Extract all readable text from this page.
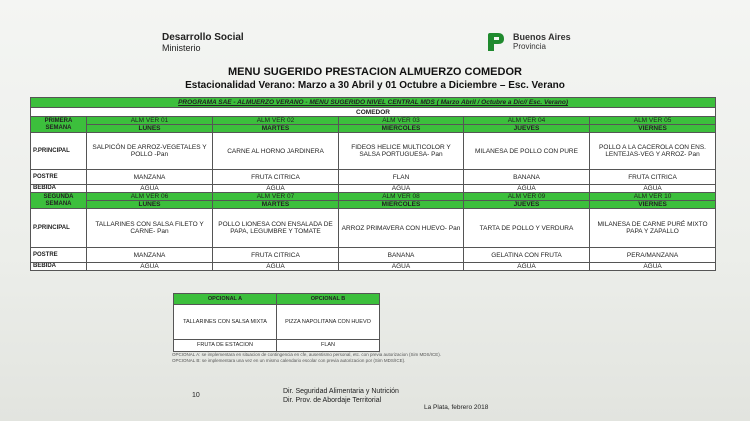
Desarrollo Social
Ministerio
Buenos Aires
Provincia
MENU SUGERIDO PRESTACION ALMUERZO COMEDOR
Estacionalidad Verano: Marzo a 30 Abril y 01 Octubre a Diciembre – Esc. Verano
PROGRAMA SAE - ALMUERZO VERANO - MENU SUGERIDO NIVEL CENTRAL MDS ( Marzo Abril / Octubre a Dic// Esc. Verano)					
COMEDOR					
PRIMERA SEMANA	ALM VER 01	ALM VER 02	ALM VER 03	ALM VER 04	ALM VER 05
	LUNES	MARTES	MIERCOLES	JUEVES	VIERNES
P.PRINCIPAL	SALPICÓN DE ARROZ-VEGETALES Y POLLO -Pan	CARNE AL HORNO JARDINERA	FIDEOS HELICE MULTICOLOR Y SALSA PORTUGUESA- Pan	MILANESA DE POLLO CON PURE	POLLO A LA CACEROLA CON ENS. LENTEJAS-VEG Y ARROZ- Pan
POSTRE	MANZANA	FRUTA CITRICA	FLAN	BANANA	FRUTA CITRICA
BEBIDA	AGUA	AGUA	AGUA	AGUA	AGUA
SEGUNDA SEMANA	ALM VER 06	ALM VER 07	ALM VER 08	ALM VER 09	ALM VER 10
	LUNES	MARTES	MIERCOLES	JUEVES	VIERNES
P.PRINCIPAL	TALLARINES CON SALSA FILETO Y CARNE- Pan	POLLO LIONESA CON ENSALADA DE PAPA, LEGUMBRE Y TOMATE	ARROZ PRIMAVERA CON HUEVO- Pan	TARTA DE POLLO Y VERDURA	MILANESA DE CARNE PURÉ MIXTO PAPA Y ZAPALLO
POSTRE	MANZANA	FRUTA CITRICA	BANANA	GELATINA CON FRUTA	PERA/MANZANA
BEBIDA	AGUA	AGUA	AGUA	AGUA	AGUA
OPCIONAL A	OPCIONAL B
TALLARINES CON SALSA MIXTA	PIZZA NAPOLITANA CON HUEVO
FRUTA DE ESTACION	FLAN
OPCIONAL A: se implementara en situacion de contingencia en cfe, ausentismo personal, etc. con previa autorizacion (Sim MDS/ICE).
OPCIONAL B: se implementara una vez en un mismo calendario escolar con previa autorizacion por (Sim MDS/ICE).
10
Dir. Seguridad Alimentaria y Nutrición
Dir. Prov. de Abordaje Territorial
La Plata, febrero 2018
